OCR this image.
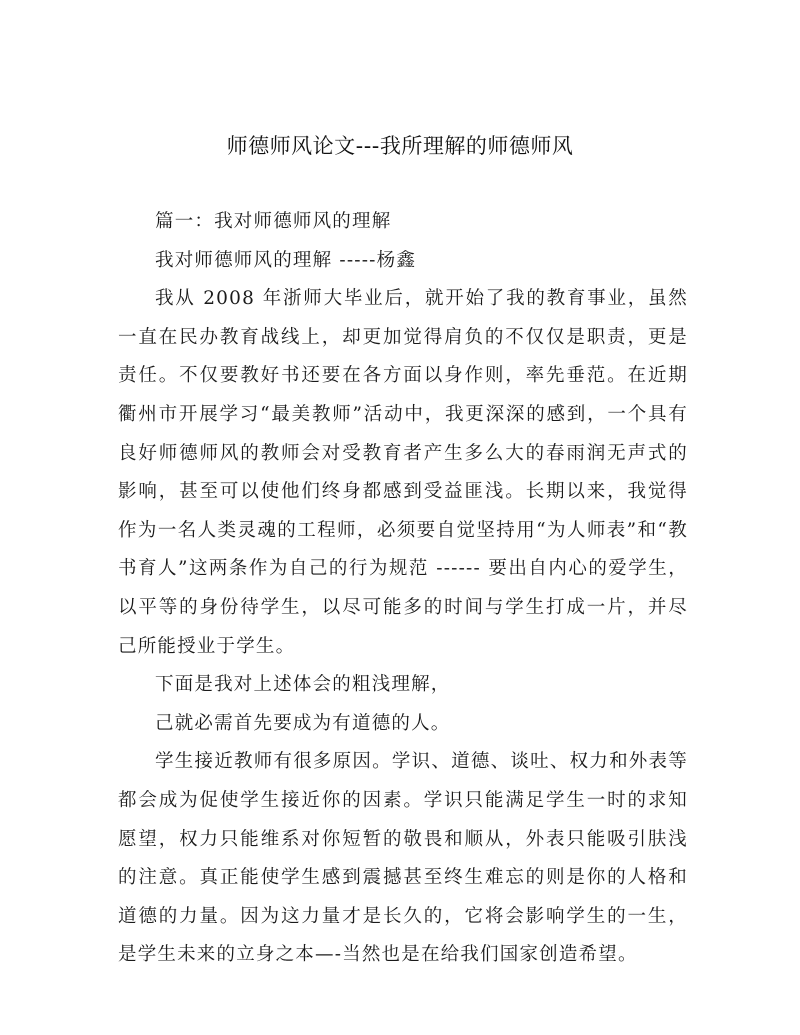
师德师风论文---我所理解的师德师风

篇一：我对师德师风的理解

我对师德师风的理解 -----杨鑫

我从 2008 年浙师大毕业后，就开始了我的教育事业，虽然一直在民办教育战线上，却更加觉得肩负的不仅仅是职责，更是责任。不仅要教好书还要在各方面以身作则，率先垂范。在近期衢州市开展学习“最美教师”活动中，我更深深的感到，一个具有良好师德师风的教师会对受教育者产生多么大的春雨润无声式的影响，甚至可以使他们终身都感到受益匪浅。长期以来，我觉得作为一名人类灵魂的工程师，必须要自觉坚持用“为人师表”和“教书育人”这两条作为自己的行为规范 ------ 要出自内心的爱学生，以平等的身份待学生，以尽可能多的时间与学生打成一片，并尽己所能授业于学生。

下面是我对上述体会的粗浅理解，

己就必需首先要成为有道德的人。

学生接近教师有很多原因。学识、道德、谈吐、权力和外表等都会成为促使学生接近你的因素。学识只能满足学生一时的求知愿望，权力只能维系对你短暂的敬畏和顺从，外表只能吸引肤浅的注意。真正能使学生感到震撼甚至终生难忘的则是你的人格和道德的力量。因为这力量才是长久的，它将会影响学生的一生，是学生未来的立身之本—-当然也是在给我们国家创造希望。
